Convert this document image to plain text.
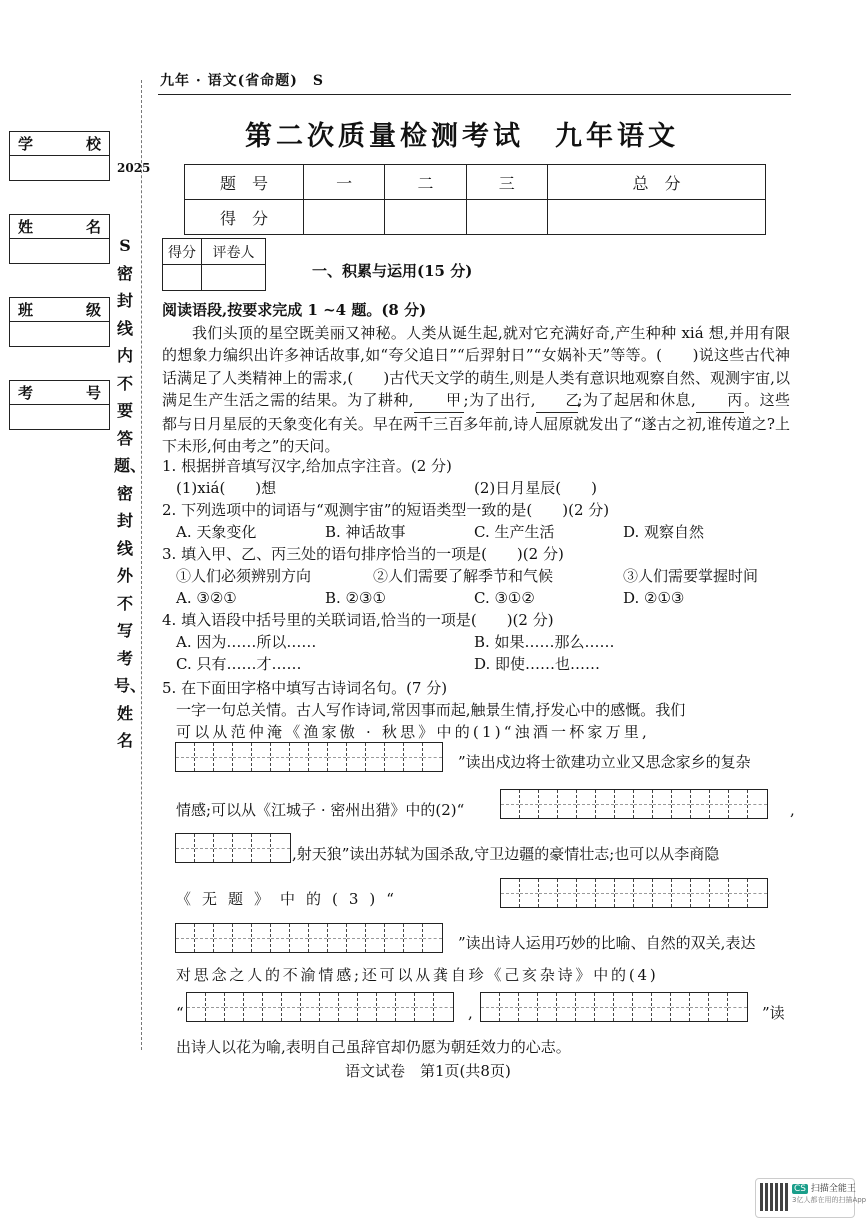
九年 · 语文(省命题)　S
学	校
姓	名
班	级
考	号
2025
S密封线内不要答题、密封线外不写考号、姓名
第二次质量检测考试　九年语文
题　号	一	二	三	总　分
得　分				
得分	评卷人

一、积累与运用(15 分)
阅读语段,按要求完成 1 ~4 题。(8 分)
我们头顶的星空既美丽又神秘。人类从诞生起,就对它充满好奇,产生种种 xiá 想,并用有限的想象力编织出许多神话故事,如“夸父追日”“后羿射日”“女娲补天”等等。(　　)说这些古代神话满足了人类精神上的需求,(　　)古代天文学的萌生,则是人类有意识地观察自然、观测宇宙,以满足生产生活之需的结果。为了耕种, 甲 ;为了出行, 乙;为了起居和休息, 丙 。这些都与日月星辰的天象变化有关。早在两千三百多年前,诗人屈原就发出了“遂古之初,谁传道之?上下未形,何由考之”的天问。
1. 根据拼音填写汉字,给加点字注音。(2 分)
(1)xiá(　　)想	(2)日月星辰(　　)
2. 下列选项中的词语与“观测宇宙”的短语类型一致的是(　　)(2 分)
A. 天象变化	B. 神话故事	C. 生产生活	D. 观察自然
3. 填入甲、乙、丙三处的语句排序恰当的一项是(　　)(2 分)
①人们必须辨别方向	②人们需要了解季节和气候	③人们需要掌握时间
A. ③②①	B. ②③①	C. ③①②	D. ②①③
4. 填入语段中括号里的关联词语,恰当的一项是(　　)(2 分)
A. 因为……所以……	B. 如果……那么……
C. 只有……才……	D. 即使……也……
5. 在下面田字格中填写古诗词名句。(7 分)
一字一句总关情。古人写作诗词,常因事而起,触景生情,抒发心中的感慨。我们
可以从范仲淹《渔家傲 · 秋思》中的(1)“浊酒一杯家万里,
”读出戍边将士欲建功立业又思念家乡的复杂
情感;可以从《江城子 · 密州出猎》中的(2)“	,
,射天狼”读出苏轼为国杀敌,守卫边疆的豪情壮志;也可以从李商隐
《无题》中的(3)“
”读出诗人运用巧妙的比喻、自然的双关,表达
对思念之人的不渝情感;还可以从龚自珍《己亥杂诗》中的(4)
“	,	”读
出诗人以花为喻,表明自己虽辞官却仍愿为朝廷效力的心志。
语文试卷　第1页(共8页)
CS 扫描全能王
3亿人都在用的扫描App
